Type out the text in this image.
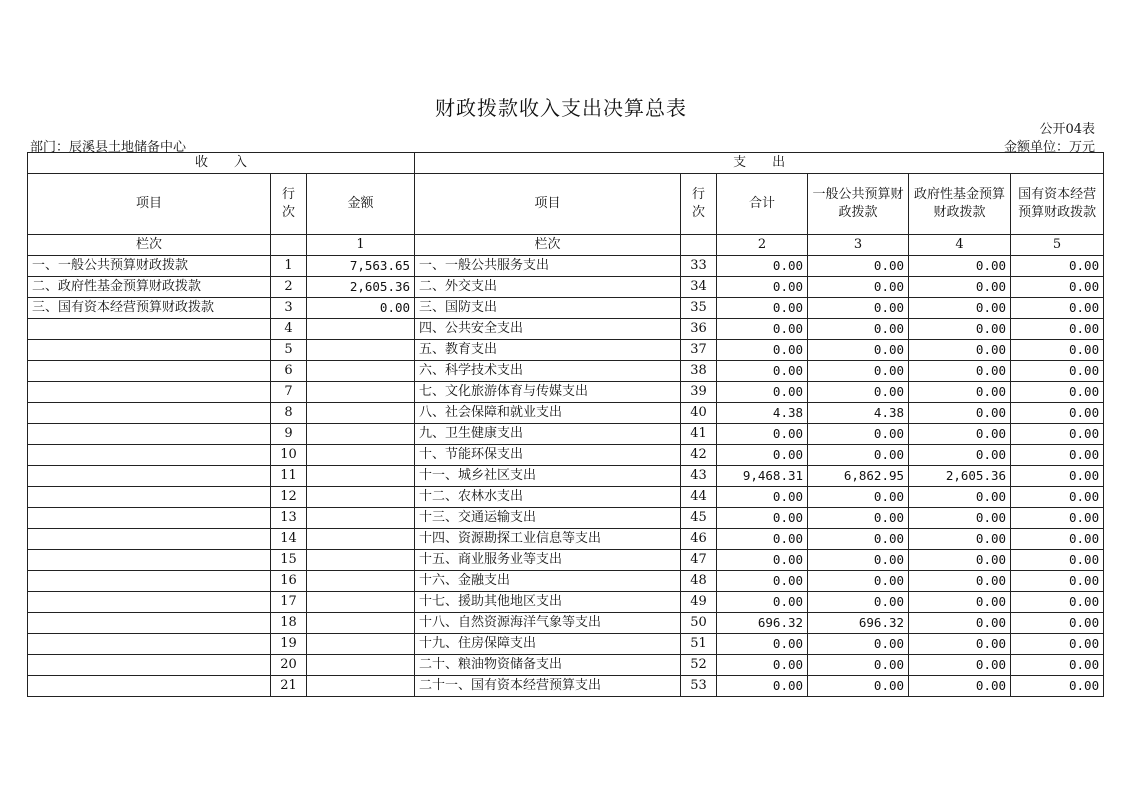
财政拨款收入支出决算总表
公开04表
部门：辰溪县土地储备中心	金额单位：万元
收　　入			支　　出					
项目	行次	金额	项目	行次	合计	一般公共预算财政拨款	政府性基金预算财政拨款	国有资本经营预算财政拨款
栏次		1	栏次		2	3	4	5
一、一般公共预算财政拨款	1	7,563.65	一、一般公共服务支出	33	0.00	0.00	0.00	0.00
二、政府性基金预算财政拨款	2	2,605.36	二、外交支出	34	0.00	0.00	0.00	0.00
三、国有资本经营预算财政拨款	3	0.00	三、国防支出	35	0.00	0.00	0.00	0.00
	4		四、公共安全支出	36	0.00	0.00	0.00	0.00
	5		五、教育支出	37	0.00	0.00	0.00	0.00
	6		六、科学技术支出	38	0.00	0.00	0.00	0.00
	7		七、文化旅游体育与传媒支出	39	0.00	0.00	0.00	0.00
	8		八、社会保障和就业支出	40	4.38	4.38	0.00	0.00
	9		九、卫生健康支出	41	0.00	0.00	0.00	0.00
	10		十、节能环保支出	42	0.00	0.00	0.00	0.00
	11		十一、城乡社区支出	43	9,468.31	6,862.95	2,605.36	0.00
	12		十二、农林水支出	44	0.00	0.00	0.00	0.00
	13		十三、交通运输支出	45	0.00	0.00	0.00	0.00
	14		十四、资源勘探工业信息等支出	46	0.00	0.00	0.00	0.00
	15		十五、商业服务业等支出	47	0.00	0.00	0.00	0.00
	16		十六、金融支出	48	0.00	0.00	0.00	0.00
	17		十七、援助其他地区支出	49	0.00	0.00	0.00	0.00
	18		十八、自然资源海洋气象等支出	50	696.32	696.32	0.00	0.00
	19		十九、住房保障支出	51	0.00	0.00	0.00	0.00
	20		二十、粮油物资储备支出	52	0.00	0.00	0.00	0.00
	21		二十一、国有资本经营预算支出	53	0.00	0.00	0.00	0.00
